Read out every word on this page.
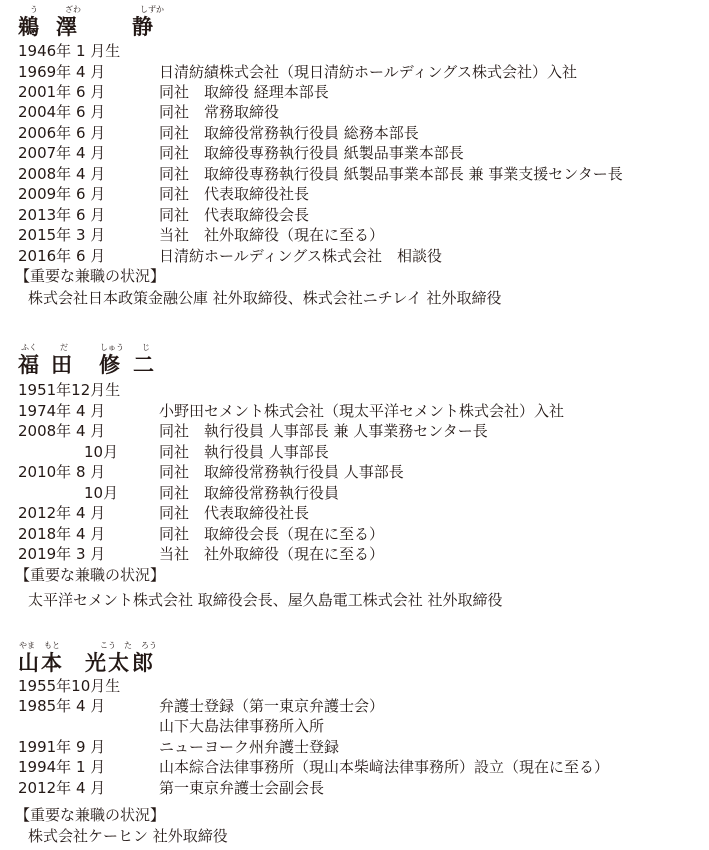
う	ざわ	しずか
鵜 澤	静
1946年 1 月生
1969年 4 月	日清紡績株式会社（現日清紡ホールディングス株式会社）入社
2001年 6 月	同社　取締役 経理本部長
2004年 6 月	同社　常務取締役
2006年 6 月	同社　取締役常務執行役員 総務本部長
2007年 4 月	同社　取締役専務執行役員 紙製品事業本部長
2008年 4 月	同社　取締役専務執行役員 紙製品事業本部長 兼 事業支援センター長
2009年 6 月	同社　代表取締役社長
2013年 6 月	同社　代表取締役会長
2015年 3 月	当社　社外取締役（現在に至る）
2016年 6 月	日清紡ホールディングス株式会社　相談役
【重要な兼職の状況】
株式会社日本政策金融公庫 社外取締役、株式会社ニチレイ 社外取締役
ふく	だ	しゅう じ
福 田 修 二
1951年12月生
1974年 4 月	小野田セメント株式会社（現太平洋セメント株式会社）入社
2008年 4 月	同社　執行役員 人事部長 兼 人事業務センター長
10月	同社　執行役員 人事部長
2010年 8 月	同社　取締役常務執行役員 人事部長
10月	同社　取締役常務執行役員
2012年 4 月	同社　代表取締役社長
2018年 4 月	同社　取締役会長（現在に至る）
2019年 3 月	当社　社外取締役（現在に至る）
【重要な兼職の状況】
太平洋セメント株式会社 取締役会長、屋久島電工株式会社 社外取締役
やま もと	こう た ろう
山 本 光 太 郎
1955年10月生
1985年 4 月	弁護士登録（第一東京弁護士会）
山下大島法律事務所入所
1991年 9 月	ニューヨーク州弁護士登録
1994年 1 月	山本綜合法律事務所（現山本柴﨑法律事務所）設立（現在に至る）
2012年 4 月	第一東京弁護士会副会長
【重要な兼職の状況】
株式会社ケーヒン 社外取締役
